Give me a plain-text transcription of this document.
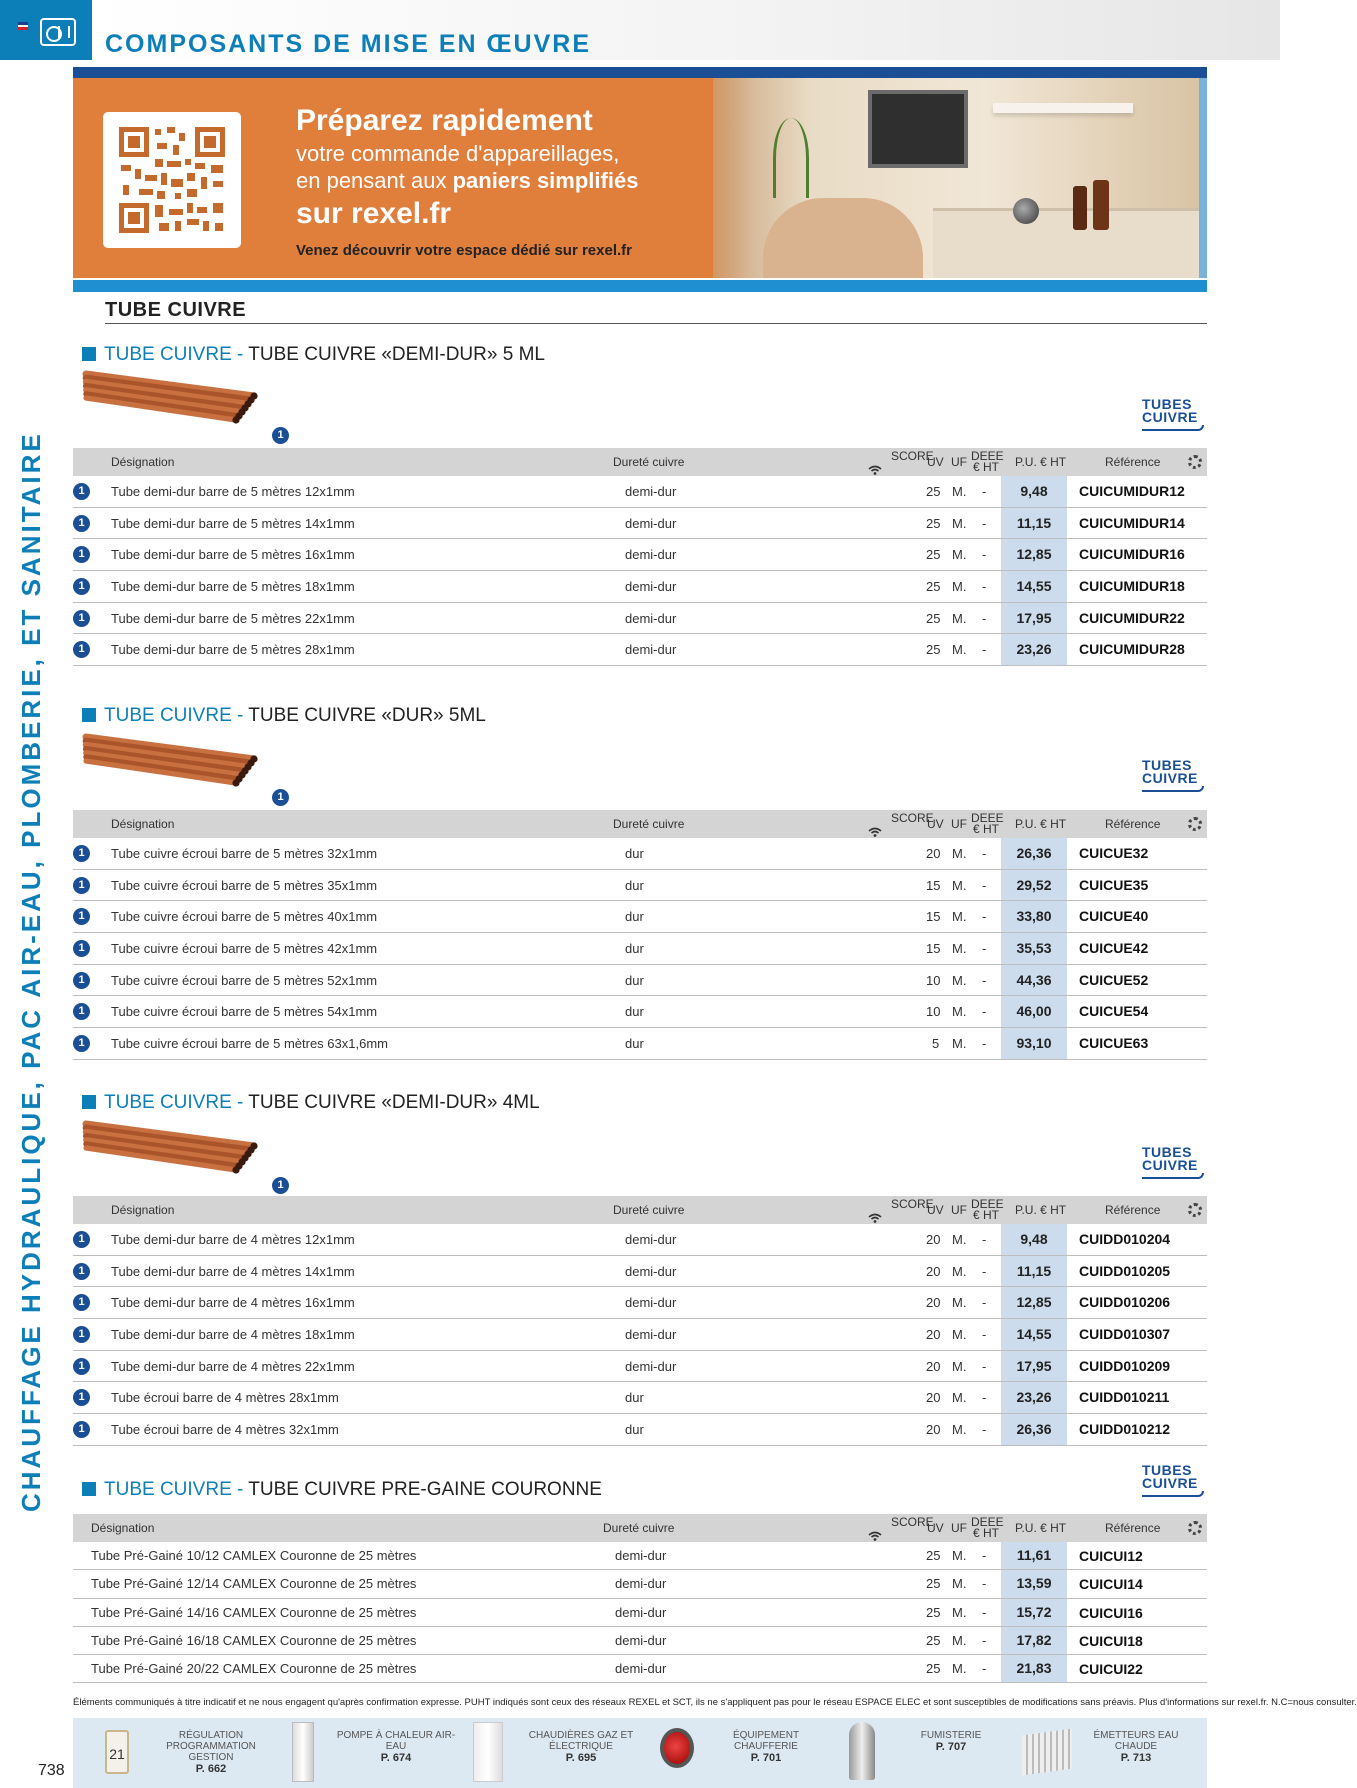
COMPOSANTS DE MISE EN ŒUVRE
Préparez rapidement
votre commande d'appareillages,
en pensant aux paniers simplifiés
sur rexel.fr
Venez découvrir votre espace dédié sur rexel.fr
CHAUFFAGE HYDRAULIQUE, PAC AIR-EAU, PLOMBERIE, ET SANITAIRE
TUBE CUIVRE
TUBE CUIVRE - TUBE CUIVRE «DEMI-DUR» 5 ML
1
TUBES
CUIVRE
Désignation	Dureté cuivre	SCORE
UV UF DEEE
€ HT P.U. € HT	Référence
1	Tube demi-dur barre de 5 mètres 12x1mm	demi-dur	25 M. -	9,48	CUICUMIDUR12
1	Tube demi-dur barre de 5 mètres 14x1mm	demi-dur	25 M. -	11,15	CUICUMIDUR14
1	Tube demi-dur barre de 5 mètres 16x1mm	demi-dur	25 M. -	12,85	CUICUMIDUR16
1	Tube demi-dur barre de 5 mètres 18x1mm	demi-dur	25 M. -	14,55	CUICUMIDUR18
1	Tube demi-dur barre de 5 mètres 22x1mm	demi-dur	25 M. -	17,95	CUICUMIDUR22
1	Tube demi-dur barre de 5 mètres 28x1mm	demi-dur	25 M. -	23,26	CUICUMIDUR28
TUBE CUIVRE - TUBE CUIVRE «DUR» 5ML
1
TUBES
CUIVRE
Désignation	Dureté cuivre	SCORE
UV UF DEEE
€ HT P.U. € HT	Référence
1	Tube cuivre écroui barre de 5 mètres 32x1mm	dur	20 M. -	26,36	CUICUE32
1	Tube cuivre écroui barre de 5 mètres 35x1mm	dur	15 M. -	29,52	CUICUE35
1	Tube cuivre écroui barre de 5 mètres 40x1mm	dur	15 M. -	33,80	CUICUE40
1	Tube cuivre écroui barre de 5 mètres 42x1mm	dur	15 M. -	35,53	CUICUE42
1	Tube cuivre écroui barre de 5 mètres 52x1mm	dur	10 M. -	44,36	CUICUE52
1	Tube cuivre écroui barre de 5 mètres 54x1mm	dur	10 M. -	46,00	CUICUE54
1	Tube cuivre écroui barre de 5 mètres 63x1,6mm	dur	5 M. -	93,10	CUICUE63
TUBE CUIVRE - TUBE CUIVRE «DEMI-DUR» 4ML
1
TUBES
CUIVRE
Désignation	Dureté cuivre	SCORE
UV UF DEEE
€ HT P.U. € HT	Référence
1	Tube demi-dur barre de 4 mètres 12x1mm	demi-dur	20 M. -	9,48	CUIDD010204
1	Tube demi-dur barre de 4 mètres 14x1mm	demi-dur	20 M. -	11,15	CUIDD010205
1	Tube demi-dur barre de 4 mètres 16x1mm	demi-dur	20 M. -	12,85	CUIDD010206
1	Tube demi-dur barre de 4 mètres 18x1mm	demi-dur	20 M. -	14,55	CUIDD010307
1	Tube demi-dur barre de 4 mètres 22x1mm	demi-dur	20 M. -	17,95	CUIDD010209
1	Tube écroui barre de 4 mètres 28x1mm	dur	20 M. -	23,26	CUIDD010211
1	Tube écroui barre de 4 mètres 32x1mm	dur	20 M. -	26,36	CUIDD010212
TUBE CUIVRE - TUBE CUIVRE PRE-GAINE COURONNE
TUBES
CUIVRE
Désignation	Dureté cuivre	SCORE
UV UF DEEE
€ HT P.U. € HT	Référence
Tube Pré-Gainé 10/12 CAMLEX Couronne de 25 mètres	demi-dur	25 M. -	11,61	CUICUI12
Tube Pré-Gainé 12/14 CAMLEX Couronne de 25 mètres	demi-dur	25 M. -	13,59	CUICUI14
Tube Pré-Gainé 14/16 CAMLEX Couronne de 25 mètres	demi-dur	25 M. -	15,72	CUICUI16
Tube Pré-Gainé 16/18 CAMLEX Couronne de 25 mètres	demi-dur	25 M. -	17,82	CUICUI18
Tube Pré-Gainé 20/22 CAMLEX Couronne de 25 mètres	demi-dur	25 M. -	21,83	CUICUI22
Éléments communiqués à titre indicatif et ne nous engagent qu'après confirmation expresse. PUHT indiqués sont ceux des réseaux REXEL et SCT, ils ne s'appliquent pas pour le réseau ESPACE ELEC et sont susceptibles de modifications sans préavis. Plus d'informations sur rexel.fr. N.C=nous consulter.
21
RÉGULATION PROGRAMMATION GESTION

P. 662
POMPE À CHALEUR AIR-EAU

P. 674
CHAUDIÈRES GAZ ET ÉLECTRIQUE

P. 695
ÉQUIPEMENT CHAUFFERIE

P. 701
FUMISTERIE

P. 707
ÉMETTEURS EAU CHAUDE

P. 713
738
